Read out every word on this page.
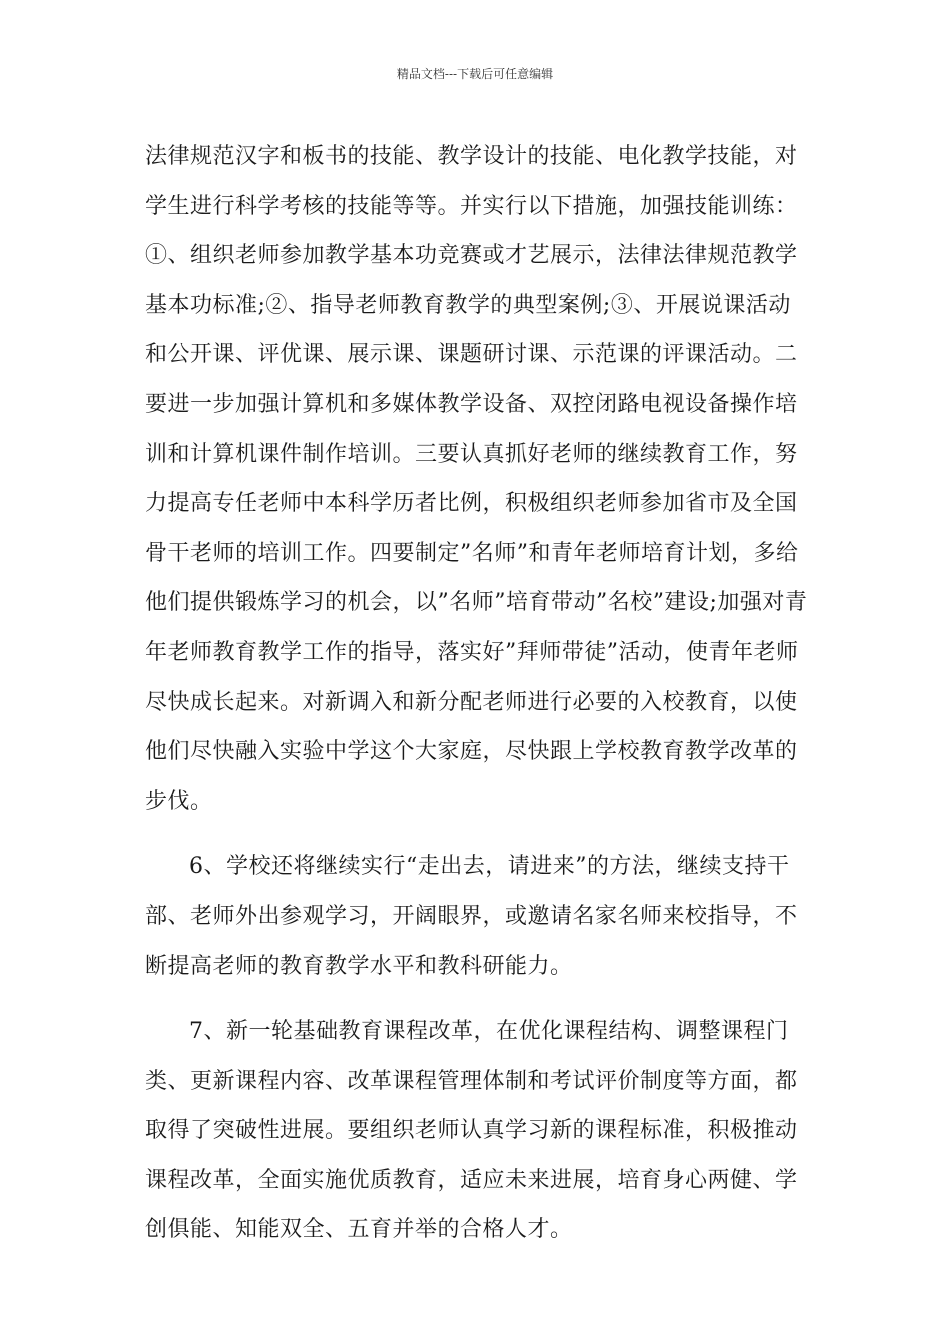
精品文档---下载后可任意编辑

法律规范汉字和板书的技能、教学设计的技能、电化教学技能，对学生进行科学考核的技能等等。并实行以下措施，加强技能训练：①、组织老师参加教学基本功竞赛或才艺展示，法律法律规范教学基本功标准;②、指导老师教育教学的典型案例;③、开展说课活动和公开课、评优课、展示课、课题研讨课、示范课的评课活动。二要进一步加强计算机和多媒体教学设备、双控闭路电视设备操作培训和计算机课件制作培训。三要认真抓好老师的继续教育工作，努力提高专任老师中本科学历者比例，积极组织老师参加省市及全国骨干老师的培训工作。四要制定”名师”和青年老师培育计划，多给他们提供锻炼学习的机会，以”名师”培育带动”名校”建设;加强对青年老师教育教学工作的指导，落实好”拜师带徒”活动，使青年老师尽快成长起来。对新调入和新分配老师进行必要的入校教育，以使他们尽快融入实验中学这个大家庭，尽快跟上学校教育教学改革的步伐。

6、学校还将继续实行“走出去，请进来”的方法，继续支持干部、老师外出参观学习，开阔眼界，或邀请名家名师来校指导，不断提高老师的教育教学水平和教科研能力。

7、新一轮基础教育课程改革，在优化课程结构、调整课程门类、更新课程内容、改革课程管理体制和考试评价制度等方面，都取得了突破性进展。要组织老师认真学习新的课程标准，积极推动课程改革，全面实施优质教育，适应未来进展，培育身心两健、学创俱能、知能双全、五育并举的合格人才。
